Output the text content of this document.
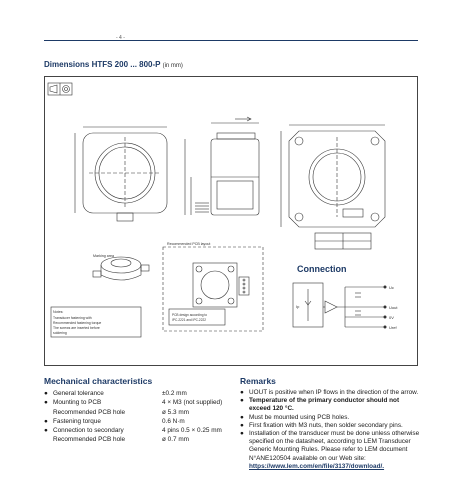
- 4 -
Dimensions HTFS 200 ... 800-P (in mm)
Connection
Recommended PCB layout
Marking area
Notes:
Transducer fastening with
Recommended fastening torque
The screws are inserted before
soldering
PCB design according to
IPC-2221 and IPC-2222
Ip
Uc
Uout
0V
Uref
Mechanical characteristics
● General tolerance	±0.2 mm
● Mounting to PCB	4 × M3 (not supplied)
Recommended PCB hole	ø 5.3 mm
● Fastening torque	0.6 N·m
● Connection to secondary	4 pins 0.5 × 0.25 mm
Recommended PCB hole	ø 0.7 mm
Remarks
● UOUT is positive when IP flows in the direction of the arrow.
● Temperature of the primary conductor should not exceed 120 °C.
● Must be mounted using PCB holes.
● First fixation with M3 nuts, then solder secondary pins.
● Installation of the transducer must be done unless otherwise specified on the datasheet, according to LEM Transducer Generic Mounting Rules. Please refer to LEM document N°ANE120504 available on our Web site: https://www.lem.com/en/file/3137/download/.
